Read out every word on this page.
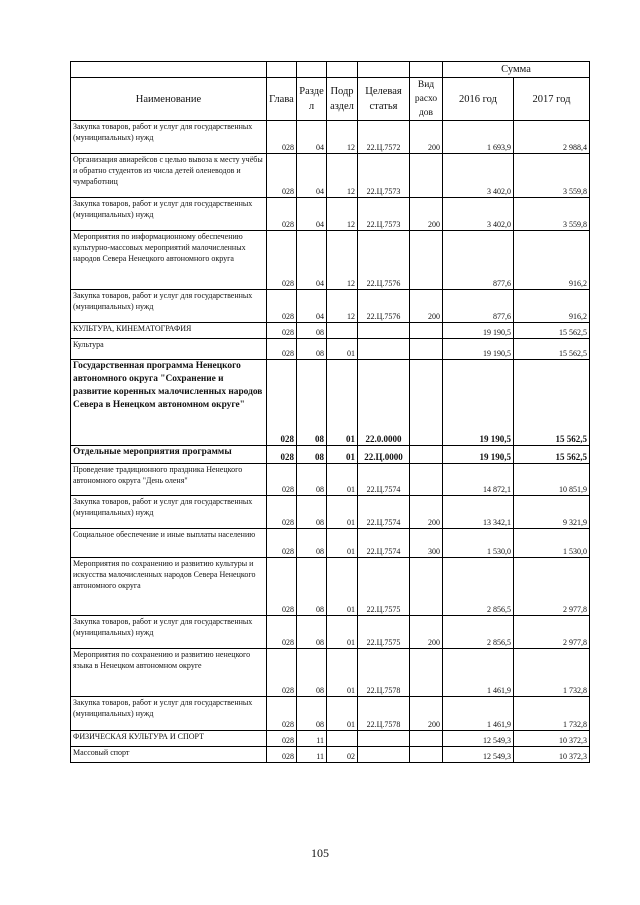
						Сумма	
Наименование	Глава	Разде л	Подр аздел	Целевая статья	Вид расхо дов	2016 год	2017 год
Закупка товаров, работ и услуг для государственных (муниципальных) нужд	028	04	12	22.Ц.7572	200	1 693,9	2 988,4
Организация авиарейсов с целью вывоза к месту учёбы и обратно студентов из числа детей оленеводов и чумработниц	028	04	12	22.Ц.7573		3 402,0	3 559,8
Закупка товаров, работ и услуг для государственных (муниципальных) нужд	028	04	12	22.Ц.7573	200	3 402,0	3 559,8
Мероприятия по информационному обеспечению культурно-массовых мероприятий малочисленных народов Севера Ненецкого автономного округа	028	04	12	22.Ц.7576		877,6	916,2
Закупка товаров, работ и услуг для государственных (муниципальных) нужд	028	04	12	22.Ц.7576	200	877,6	916,2
КУЛЬТУРА, КИНЕМАТОГРАФИЯ	028	08				19 190,5	15 562,5
Культура	028	08	01			19 190,5	15 562,5
Государственная программа Ненецкого автономного округа "Сохранение и развитие коренных малочисленных народов Севера в Ненецком автономном округе"	028	08	01	22.0.0000		19 190,5	15 562,5
Отдельные мероприятия программы	028	08	01	22.Ц.0000		19 190,5	15 562,5
Проведение традиционного праздника Ненецкого автономного округа "День оленя"	028	08	01	22.Ц.7574		14 872,1	10 851,9
Закупка товаров, работ и услуг для государственных (муниципальных) нужд	028	08	01	22.Ц.7574	200	13 342,1	9 321,9
Социальное обеспечение и иные выплаты населению	028	08	01	22.Ц.7574	300	1 530,0	1 530,0
Мероприятия по сохранению и развитию культуры и искусства малочисленных народов Севера Ненецкого автономного округа	028	08	01	22.Ц.7575		2 856,5	2 977,8
Закупка товаров, работ и услуг для государственных (муниципальных) нужд	028	08	01	22.Ц.7575	200	2 856,5	2 977,8
Мероприятия по сохранению и развитию ненецкого языка в Ненецком автономном округе	028	08	01	22.Ц.7578		1 461,9	1 732,8
Закупка товаров, работ и услуг для государственных (муниципальных) нужд	028	08	01	22.Ц.7578	200	1 461,9	1 732,8
ФИЗИЧЕСКАЯ КУЛЬТУРА И СПОРТ	028	11				12 549,3	10 372,3
Массовый спорт	028	11	02			12 549,3	10 372,3
105
